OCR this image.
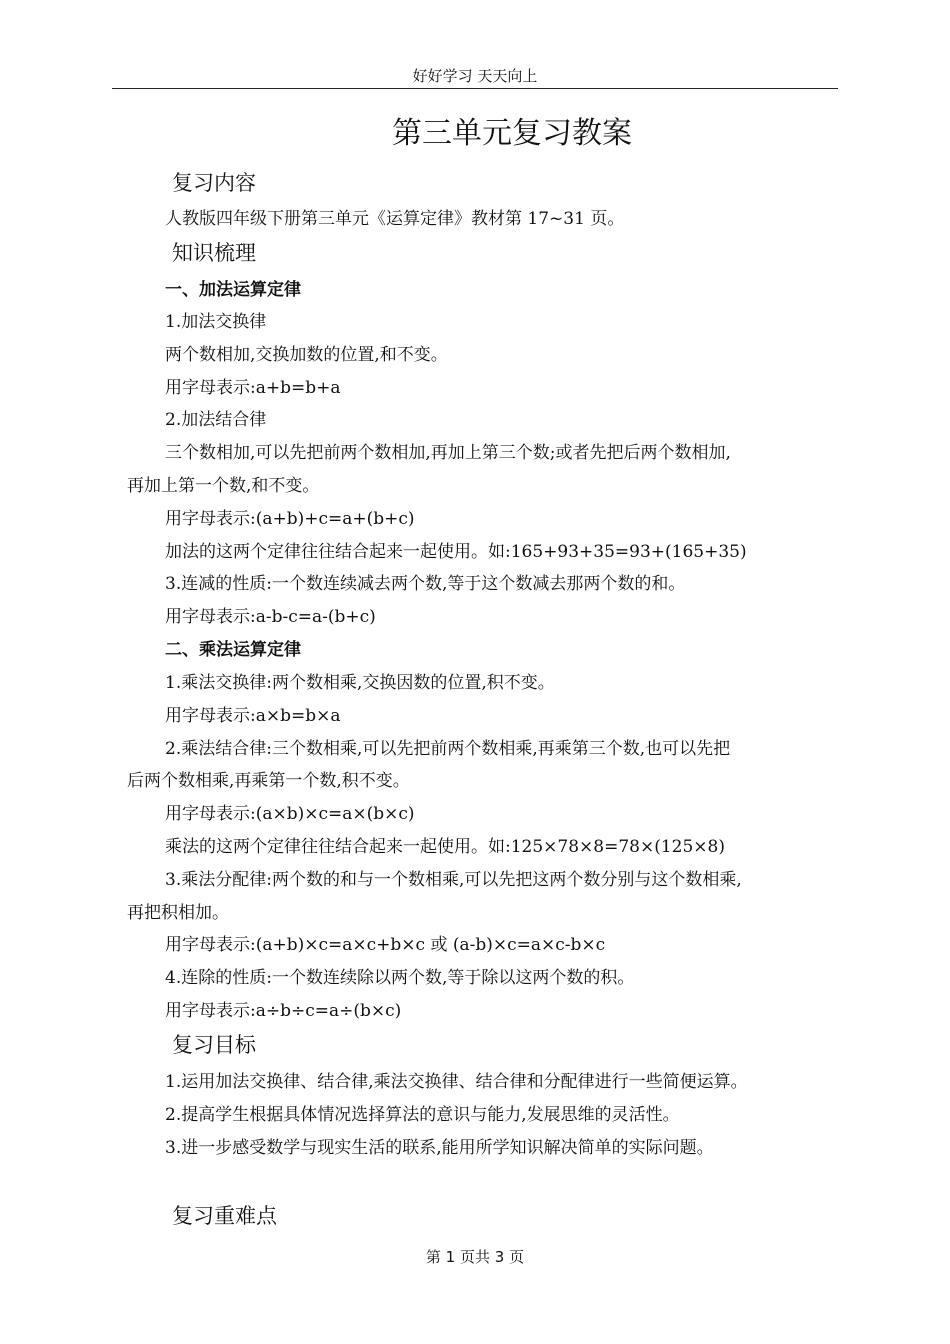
好好学习 天天向上
第三单元复习教案
复习内容
人教版四年级下册第三单元《运算定律》教材第 17~31 页。
知识梳理
一、加法运算定律
1.加法交换律
两个数相加,交换加数的位置,和不变。
用字母表示:a+b=b+a
2.加法结合律
三个数相加,可以先把前两个数相加,再加上第三个数;或者先把后两个数相加,
再加上第一个数,和不变。
用字母表示:(a+b)+c=a+(b+c)
加法的这两个定律往往结合起来一起使用。如:165+93+35=93+(165+35)
3.连减的性质:一个数连续减去两个数,等于这个数减去那两个数的和。
用字母表示:a-b-c=a-(b+c)
二、乘法运算定律
1.乘法交换律:两个数相乘,交换因数的位置,积不变。
用字母表示:a×b=b×a
2.乘法结合律:三个数相乘,可以先把前两个数相乘,再乘第三个数,也可以先把
后两个数相乘,再乘第一个数,积不变。
用字母表示:(a×b)×c=a×(b×c)
乘法的这两个定律往往结合起来一起使用。如:125×78×8=78×(125×8)
3.乘法分配律:两个数的和与一个数相乘,可以先把这两个数分别与这个数相乘,
再把积相加。
用字母表示:(a+b)×c=a×c+b×c 或 (a-b)×c=a×c-b×c
4.连除的性质:一个数连续除以两个数,等于除以这两个数的积。
用字母表示:a÷b÷c=a÷(b×c)
复习目标
1.运用加法交换律、结合律,乘法交换律、结合律和分配律进行一些简便运算。
2.提高学生根据具体情况选择算法的意识与能力,发展思维的灵活性。
3.进一步感受数学与现实生活的联系,能用所学知识解决简单的实际问题。
复习重难点
第 1 页共 3 页
